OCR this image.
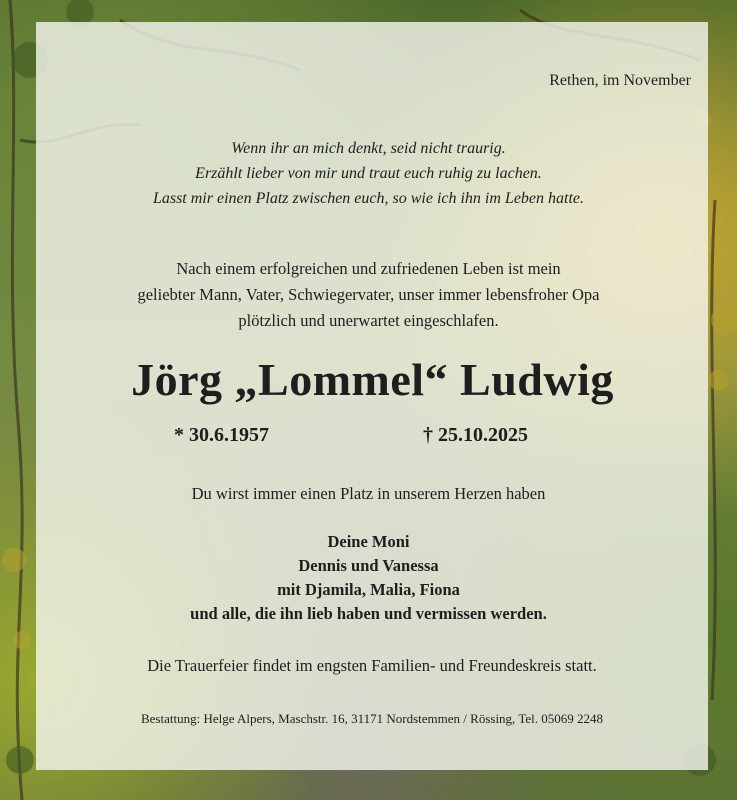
Rethen, im November

Wenn ihr an mich denkt, seid nicht traurig.
Erzählt lieber von mir und traut euch ruhig zu lachen.
Lasst mir einen Platz zwischen euch, so wie ich ihn im Leben hatte.

Nach einem erfolgreichen und zufriedenen Leben ist mein
geliebter Mann, Vater, Schwiegervater, unser immer lebensfroher Opa
plötzlich und unerwartet eingeschlafen.

Jörg „Lommel“ Ludwig
* 30.6.1957	† 25.10.2025

Du wirst immer einen Platz in unserem Herzen haben

Deine Moni
Dennis und Vanessa
mit Djamila, Malia, Fiona
und alle, die ihn lieb haben und vermissen werden.

Die Trauerfeier findet im engsten Familien- und Freundeskreis statt.

Bestattung: Helge Alpers, Maschstr. 16, 31171 Nordstemmen / Rössing, Tel. 05069 2248
